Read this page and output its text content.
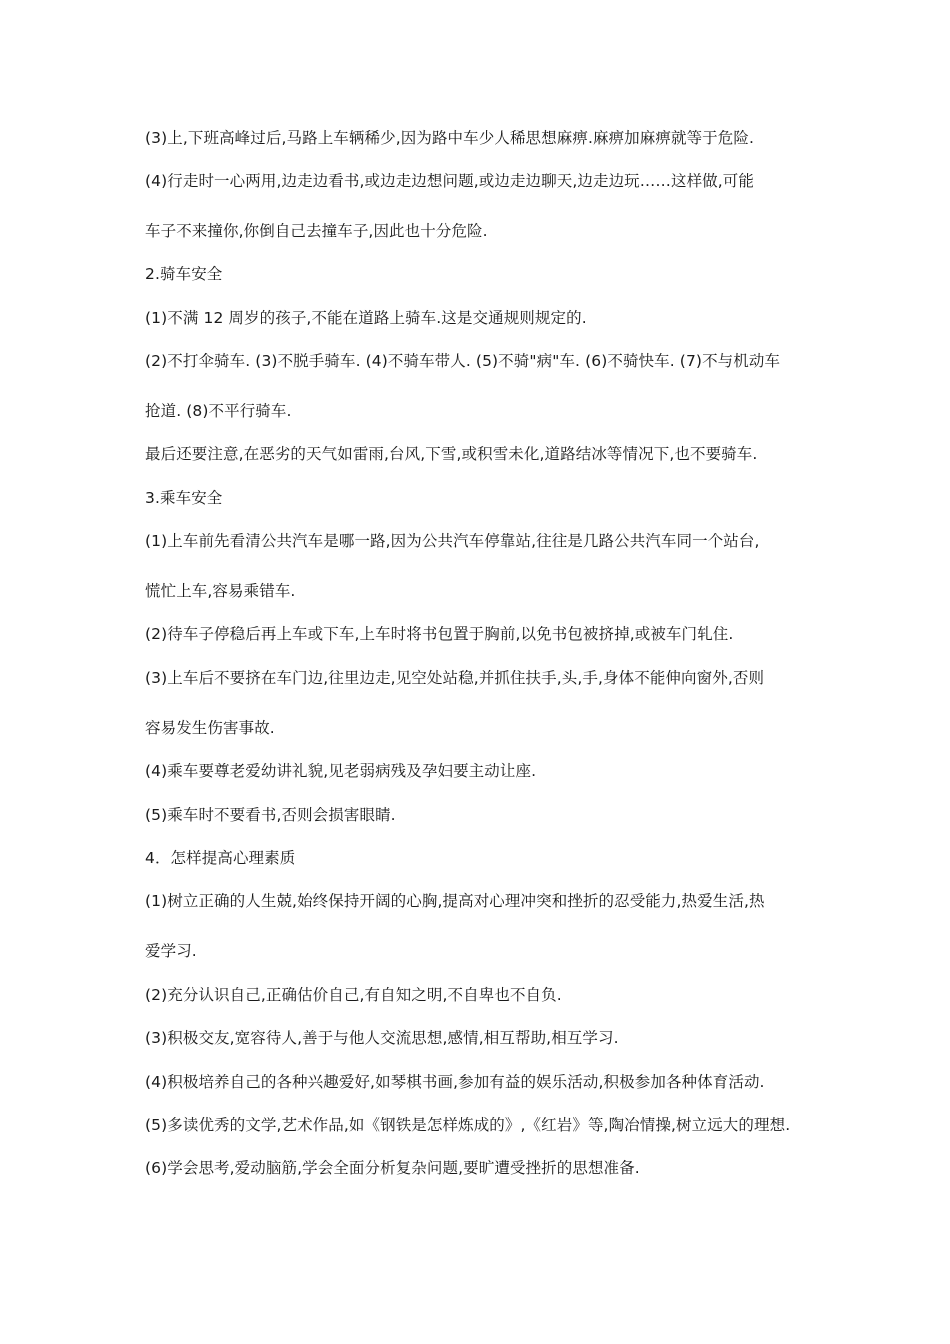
(3)上,下班高峰过后,马路上车辆稀少,因为路中车少人稀思想麻痹.麻痹加麻痹就等于危险.
(4)行走时一心两用,边走边看书,或边走边想问题,或边走边聊天,边走边玩……这样做,可能
车子不来撞你,你倒自己去撞车子,因此也十分危险.
2.骑车安全
(1)不满 12 周岁的孩子,不能在道路上骑车.这是交通规则规定的.
(2)不打伞骑车. (3)不脱手骑车. (4)不骑车带人. (5)不骑"病"车. (6)不骑快车. (7)不与机动车
抢道. (8)不平行骑车.
最后还要注意,在恶劣的天气如雷雨,台风,下雪,或积雪未化,道路结冰等情况下,也不要骑车.
3.乘车安全
(1)上车前先看清公共汽车是哪一路,因为公共汽车停靠站,往往是几路公共汽车同一个站台,
慌忙上车,容易乘错车.
(2)待车子停稳后再上车或下车,上车时将书包置于胸前,以免书包被挤掉,或被车门轧住.
(3)上车后不要挤在车门边,往里边走,见空处站稳,并抓住扶手,头,手,身体不能伸向窗外,否则
容易发生伤害事故.
(4)乘车要尊老爱幼讲礼貌,见老弱病残及孕妇要主动让座.
(5)乘车时不要看书,否则会损害眼睛.
4．怎样提高心理素质
(1)树立正确的人生兢,始终保持开阔的心胸,提高对心理冲突和挫折的忍受能力,热爱生活,热
爱学习.
(2)充分认识自己,正确估价自己,有自知之明,不自卑也不自负.
(3)积极交友,宽容待人,善于与他人交流思想,感情,相互帮助,相互学习.
(4)积极培养自己的各种兴趣爱好,如琴棋书画,参加有益的娱乐活动,积极参加各种体育活动.
(5)多读优秀的文学,艺术作品,如《钢铁是怎样炼成的》,《红岩》等,陶冶情操,树立远大的理想.
(6)学会思考,爱动脑筋,学会全面分析复杂问题,要旷遭受挫折的思想准备.
